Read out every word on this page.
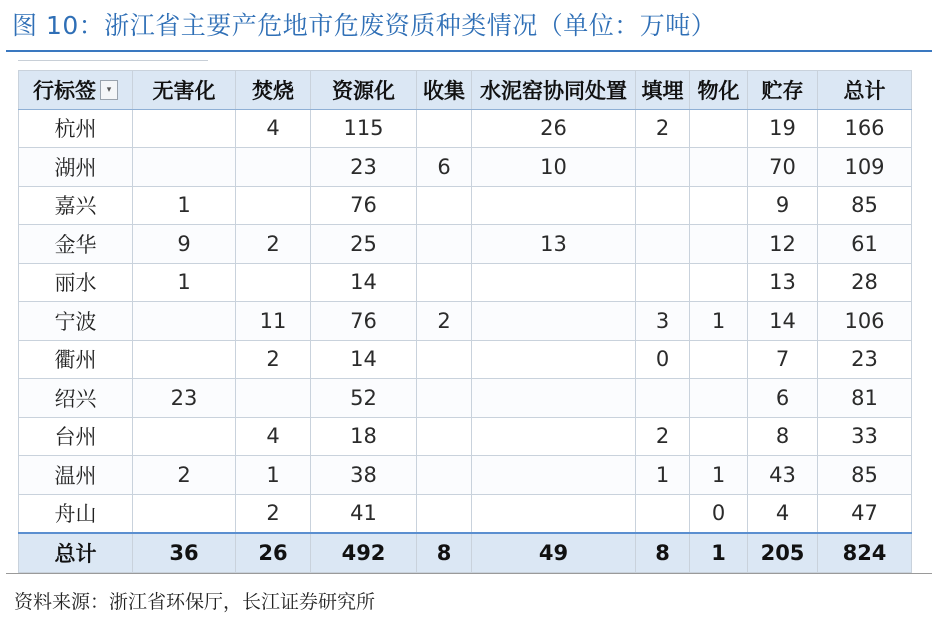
图 10：浙江省主要产危地市危废资质种类情况（单位：万吨）
行标签 ▾	无害化	焚烧	资源化	收集	水泥窑协同处置	填埋	物化	贮存	总计
杭州		4	115		26	2		19	166
湖州			23	6	10			70	109
嘉兴	1		76					9	85
金华	9	2	25		13			12	61
丽水	1		14					13	28
宁波		11	76	2		3	1	14	106
衢州		2	14			0		7	23
绍兴	23		52					6	81
台州		4	18			2		8	33
温州	2	1	38			1	1	43	85
舟山		2	41				0	4	47
总计	36	26	492	8	49	8	1	205	824
资料来源：浙江省环保厅，长江证券研究所
